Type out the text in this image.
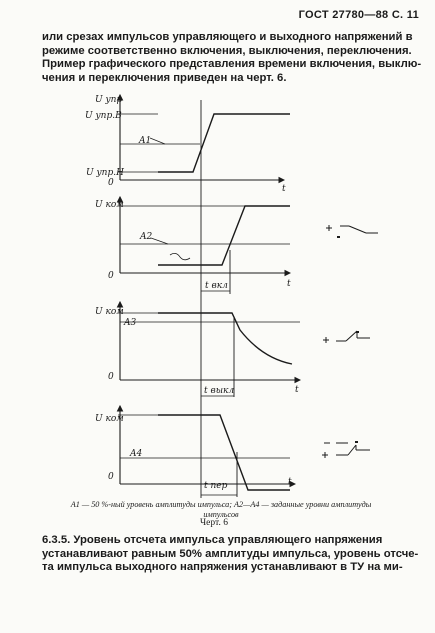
ГОСТ 27780—88 С. 11

или срезах импульсов управляющего и выходного напряжений в
режиме соответственно включения, выключения, переключения.
Пример графического представления времени включения, выклю-
чения и переключения приведен на черт. 6.

U упр
U упр.В
A1
U упр.Н
0
t
U ком
A2
0
t
t вкл
U ком
A3
0
t
t выкл
U ком
A4
0	t
t пер
A1 — 50 %-ный уровень амплитуды импульса; A2—A4 — заданные уровни амплитуды импульсов
Черт. 6

6.3.5. Уровень отсчета импульса управляющего напряжения
устанавливают равным 50% амплитуды импульса, уровень отсче-
та импульса выходного напряжения устанавливают в ТУ на ми-
